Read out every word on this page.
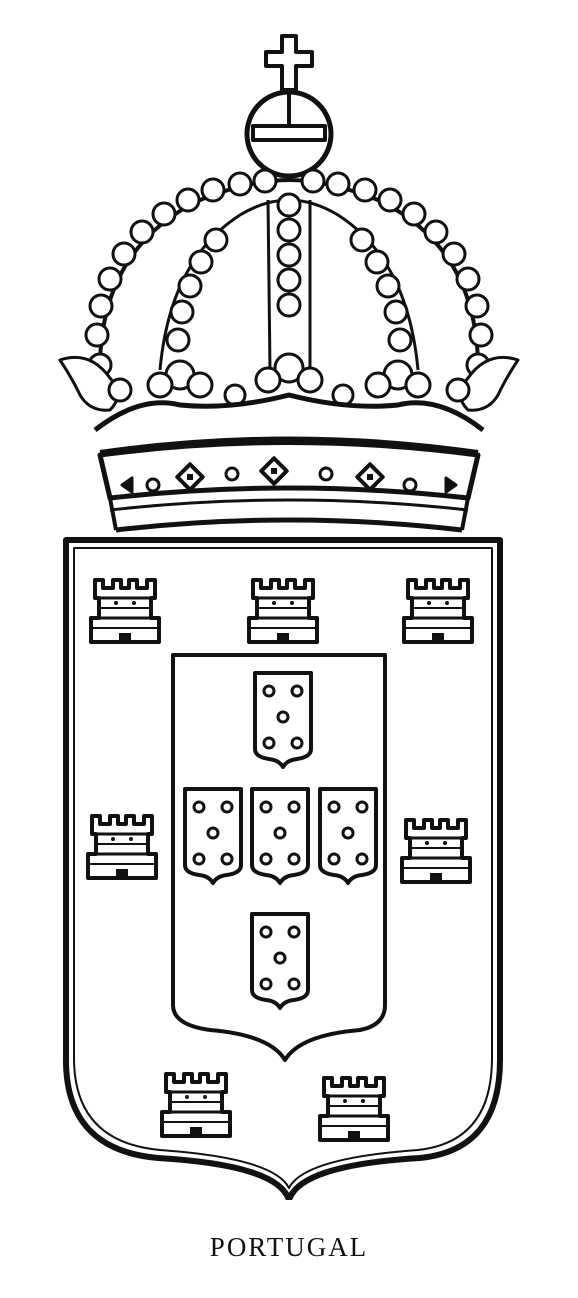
PORTUGAL
